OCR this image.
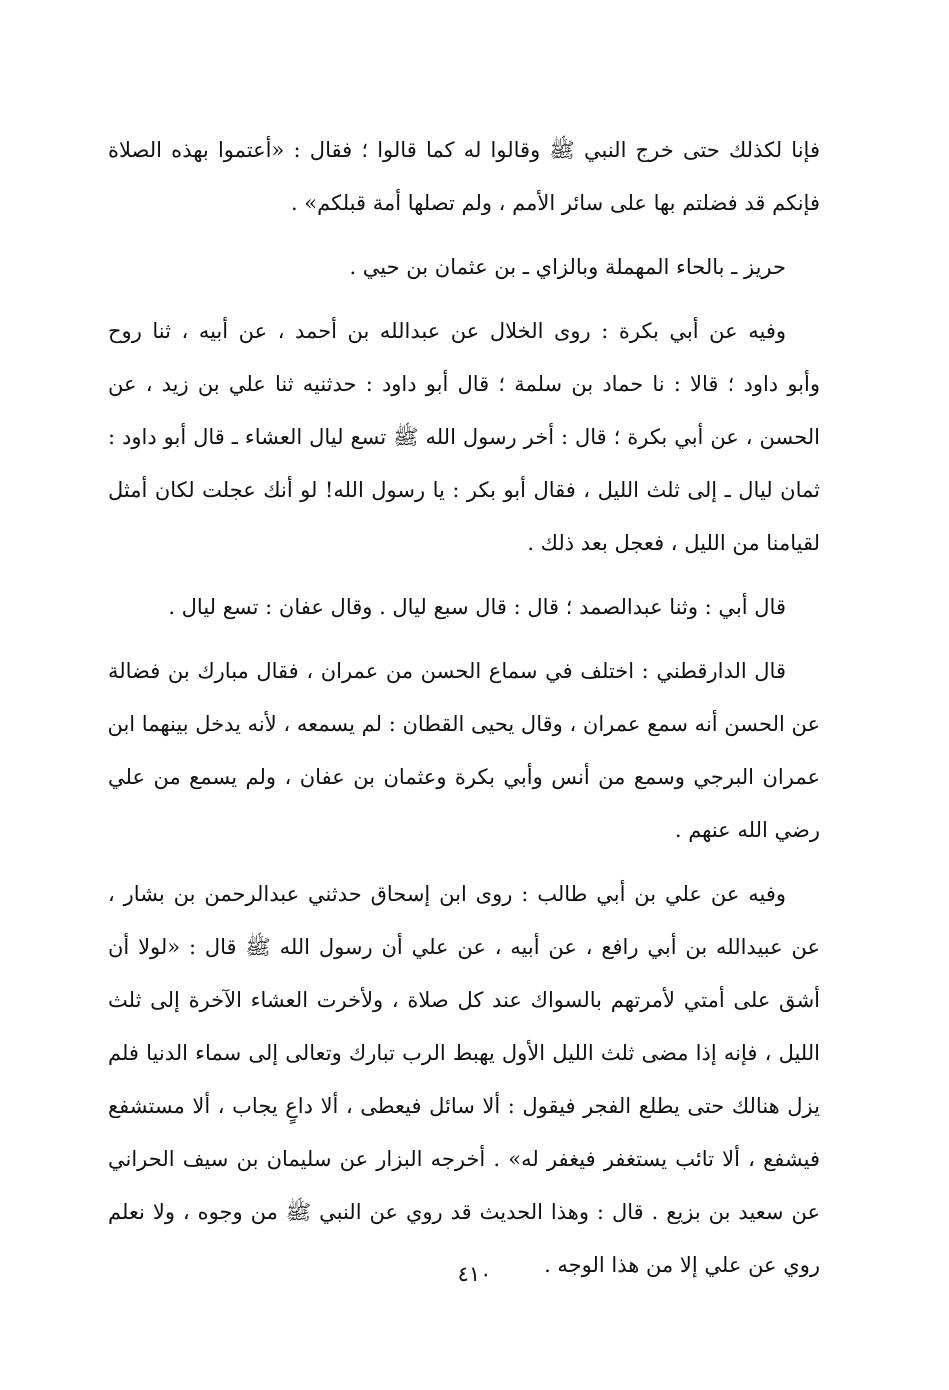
فإنا لكذلك حتى خرج النبي ﷺ وقالوا له كما قالوا ؛ فقال : «أعتموا بهذه الصلاة
فإنكم قد فضلتم بها على سائر الأمم ، ولم تصلها أمة قبلكم» .
حريز ـ بالحاء المهملة وبالزاي ـ بن عثمان بن حيي .
وفيه عن أبي بكرة : روى الخلال عن عبدالله بن أحمد ، عن أبيه ، ثنا روح
وأبو داود ؛ قالا : نا حماد بن سلمة ؛ قال أبو داود : حدثنيه ثنا علي بن زيد ، عن
الحسن ، عن أبي بكرة ؛ قال : أخر رسول الله ﷺ تسع ليال العشاء ـ قال أبو داود :
ثمان ليال ـ إلى ثلث الليل ، فقال أبو بكر : يا رسول الله! لو أنك عجلت لكان أمثل
لقيامنا من الليل ، فعجل بعد ذلك .
قال أبي : وثنا عبدالصمد ؛ قال : قال سبع ليال . وقال عفان : تسع ليال .
قال الدارقطني : اختلف في سماع الحسن من عمران ، فقال مبارك بن فضالة
عن الحسن أنه سمع عمران ، وقال يحيى القطان : لم يسمعه ، لأنه يدخل بينهما ابن
عمران البرجي وسمع من أنس وأبي بكرة وعثمان بن عفان ، ولم يسمع من علي
رضي الله عنهم .
وفيه عن علي بن أبي طالب : روى ابن إسحاق حدثني عبدالرحمن بن بشار ،
عن عبيدالله بن أبي رافع ، عن أبيه ، عن علي أن رسول الله ﷺ قال : «لولا أن
أشق على أمتي لأمرتهم بالسواك عند كل صلاة ، ولأخرت العشاء الآخرة إلى ثلث
الليل ، فإنه إذا مضى ثلث الليل الأول يهبط الرب تبارك وتعالى إلى سماء الدنيا فلم
يزل هنالك حتى يطلع الفجر فيقول : ألا سائل فيعطى ، ألا داعٍ يجاب ، ألا مستشفع
فيشفع ، ألا تائب يستغفر فيغفر له» . أخرجه البزار عن سليمان بن سيف الحراني
عن سعيد بن بزيع . قال : وهذا الحديث قد روي عن النبي ﷺ من وجوه ، ولا نعلم
روي عن علي إلا من هذا الوجه .
٤١٠
